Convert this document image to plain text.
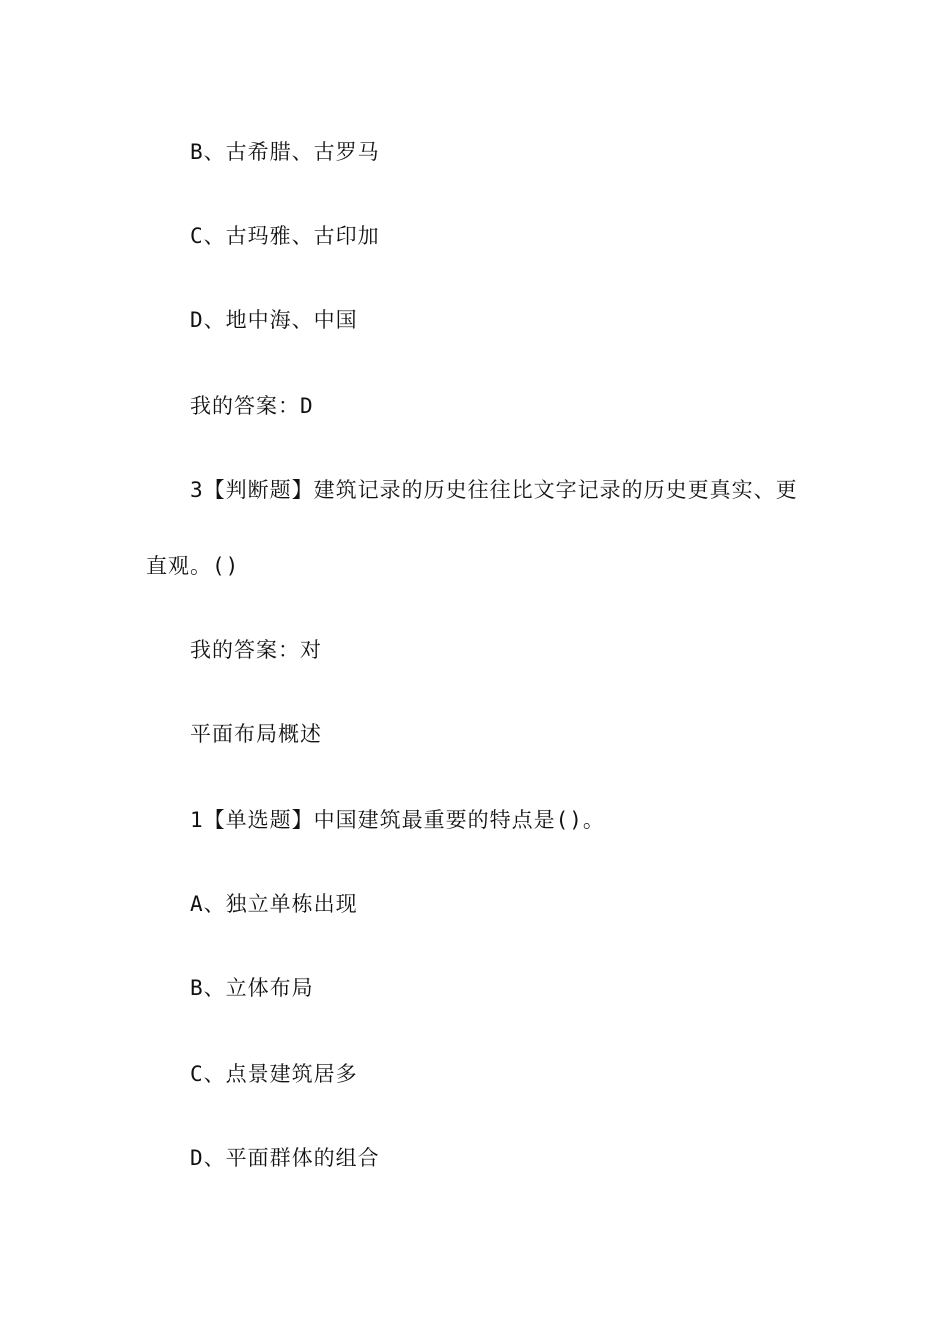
B、古希腊、古罗马
C、古玛雅、古印加
D、地中海、中国
我的答案：D
3【判断题】建筑记录的历史往往比文字记录的历史更真实、更
直观。()
我的答案：对
平面布局概述
1【单选题】中国建筑最重要的特点是()。
A、独立单栋出现
B、立体布局
C、点景建筑居多
D、平面群体的组合
